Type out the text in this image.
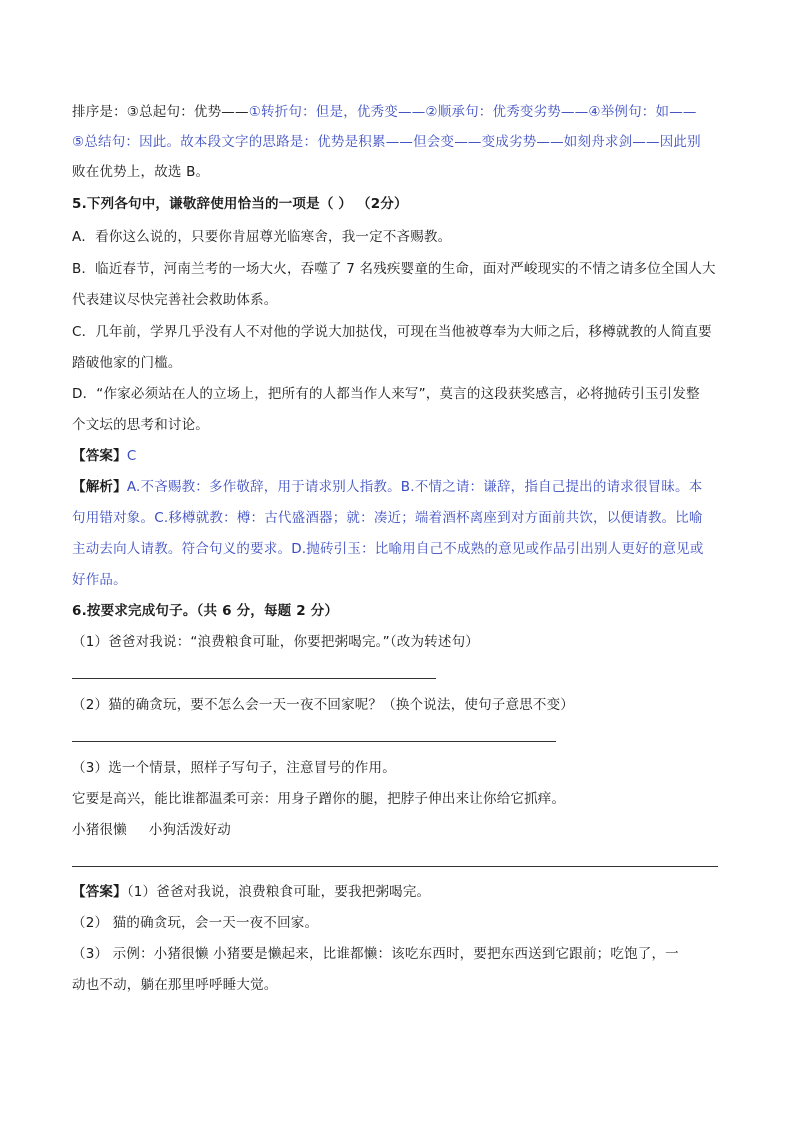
排序是：③总起句：优势——①转折句：但是，优秀变——②顺承句：优秀变劣势——④举例句：如——
⑤总结句：因此。故本段文字的思路是：优势是积累——但会变——变成劣势——如刻舟求剑——因此别
败在优势上，故选 B。
5.下列各句中，谦敬辞使用恰当的一项是（ ） （2分）
A．看你这么说的，只要你肯屈尊光临寒舍，我一定不吝赐教。
B．临近春节，河南兰考的一场大火，吞噬了 7 名残疾婴童的生命，面对严峻现实的不情之请多位全国人大
代表建议尽快完善社会救助体系。
C．几年前，学界几乎没有人不对他的学说大加挞伐，可现在当他被尊奉为大师之后，移樽就教的人简直要
踏破他家的门槛。
D．“作家必须站在人的立场上，把所有的人都当作人来写”，莫言的这段获奖感言，必将抛砖引玉引发整
个文坛的思考和讨论。
【答案】C
【解析】A.不吝赐教：多作敬辞，用于请求别人指教。B.不情之请：谦辞，指自己提出的请求很冒昧。本
句用错对象。C.移樽就教：樽：古代盛酒器；就：凑近；端着酒杯离座到对方面前共饮，以便请教。比喻
主动去向人请教。符合句义的要求。D.抛砖引玉：比喻用自己不成熟的意见或作品引出别人更好的意见或
好作品。
6.按要求完成句子。（共 6 分，每题 2 分）
（1）爸爸对我说：“浪费粮食可耻，你要把粥喝完。”（改为转述句）
（2）猫的确贪玩，要不怎么会一天一夜不回家呢？（换个说法，使句子意思不变）
（3）选一个情景，照样子写句子，注意冒号的作用。
它要是高兴，能比谁都温柔可亲：用身子蹭你的腿，把脖子伸出来让你给它抓痒。
小猪很懒 小狗活泼好动
【答案】（1）爸爸对我说，浪费粮食可耻，要我把粥喝完。
（2） 猫的确贪玩，会一天一夜不回家。
（3） 示例：小猪很懒 小猪要是懒起来，比谁都懒：该吃东西时，要把东西送到它跟前；吃饱了，一
动也不动，躺在那里呼呼睡大觉。
